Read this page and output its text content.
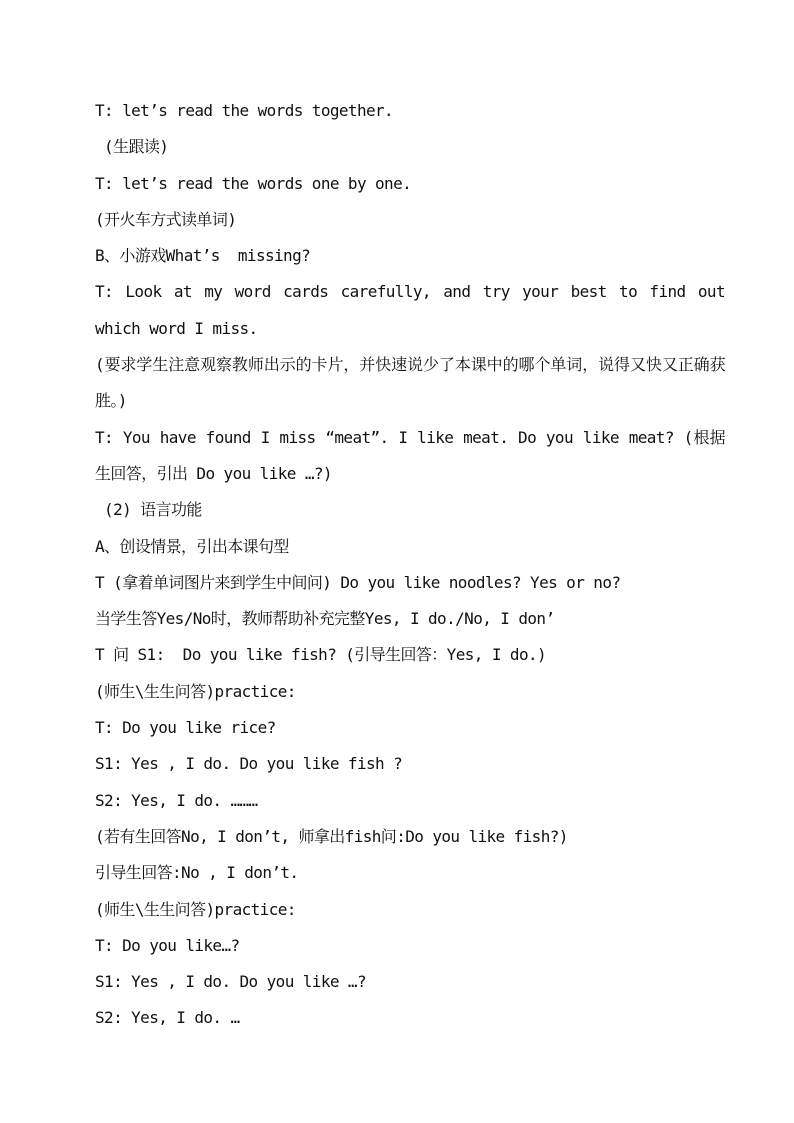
T: let’s read the words together.

(生跟读)

T: let’s read the words one by one.

(开火车方式读单词)

B、小游戏What’s  missing?

T: Look at my word cards carefully, and try your best to find out which word I miss.

(要求学生注意观察教师出示的卡片，并快速说少了本课中的哪个单词，说得又快又正确获胜。)

T: You have found I miss “meat”. I like meat. Do you like meat? (根据生回答，引出 Do you like …?)

(2) 语言功能

A、创设情景，引出本课句型

T (拿着单词图片来到学生中间问) Do you like noodles? Yes or no?

当学生答Yes/No时，教师帮助补充完整Yes, I do./No, I don’

T 问 S1:  Do you like fish? (引导生回答：Yes, I do.)

(师生\生生问答)practice:

T: Do you like rice?

S1: Yes , I do. Do you like fish ?

S2: Yes, I do. ………

(若有生回答No, I don’t, 师拿出fish问:Do you like fish?)

引导生回答:No , I don’t.

(师生\生生问答)practice:

T: Do you like…?

S1: Yes , I do. Do you like …?

S2: Yes, I do. …
